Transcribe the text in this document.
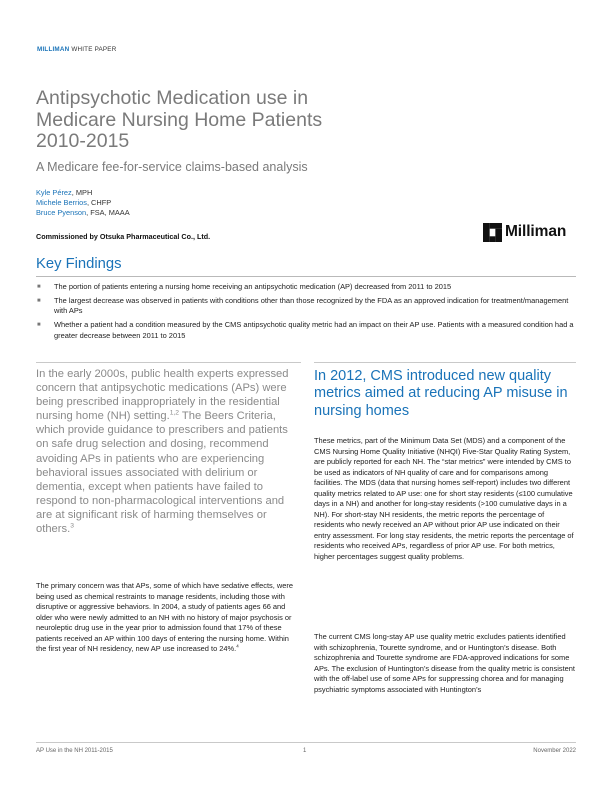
MILLIMAN WHITE PAPER
Antipsychotic Medication use in Medicare Nursing Home Patients 2010-2015
A Medicare fee-for-service claims-based analysis
Kyle Pérez, MPH
Michele Berrios, CHFP
Bruce Pyenson, FSA, MAAA
Commissioned by Otsuka Pharmaceutical Co., Ltd.	Milliman
Key Findings
■ The portion of patients entering a nursing home receiving an antipsychotic medication (AP) decreased from 2011 to 2015
■ The largest decrease was observed in patients with conditions other than those recognized by the FDA as an approved indication for treatment/management with APs
■ Whether a patient had a condition measured by the CMS antipsychotic quality metric had an impact on their AP use. Patients with a measured condition had a greater decrease between 2011 to 2015
In the early 2000s, public health experts expressed concern that antipsychotic medications (APs) were being prescribed inappropriately in the residential nursing home (NH) setting.$^{1,2}$ The Beers Criteria, which provide guidance to prescribers and patients on safe drug selection and dosing, recommend avoiding APs in patients who are experiencing behavioral issues associated with delirium or dementia, except when patients have failed to respond to non-pharmacological interventions and are at significant risk of harming themselves or others.$^3$
The primary concern was that APs, some of which have sedative effects, were being used as chemical restraints to manage residents, including those with disruptive or aggressive behaviors. In 2004, a study of patients ages 66 and older who were newly admitted to an NH with no history of major psychosis or neuroleptic drug use in the year prior to admission found that 17% of these patients received an AP within 100 days of entering the nursing home. Within the first year of NH residency, new AP use increased to 24%.$^4$
In 2012, CMS introduced new quality metrics aimed at reducing AP misuse in nursing homes
These metrics, part of the Minimum Data Set (MDS) and a component of the CMS Nursing Home Quality Initiative (NHQI) Five-Star Quality Rating System, are publicly reported for each NH. The “star metrics” were intended by CMS to be used as indicators of NH quality of care and for comparisons among facilities. The MDS (data that nursing homes self-report) includes two different quality metrics related to AP use: one for short stay residents (≤100 cumulative days in a NH) and another for long-stay residents (>100 cumulative days in a NH). For short-stay NH residents, the metric reports the percentage of residents who newly received an AP without prior AP use indicated on their entry assessment. For long stay residents, the metric reports the percentage of residents who received APs, regardless of prior AP use. For both metrics, higher percentages suggest quality problems.
The current CMS long-stay AP use quality metric excludes patients identified with schizophrenia, Tourette syndrome, and or Huntington’s disease. Both schizophrenia and Tourette syndrome are FDA-approved indications for some APs. The exclusion of Huntington’s disease from the quality metric is consistent with the off-label use of some APs for suppressing chorea and for managing psychiatric symptoms associated with Huntington’s
AP Use in the NH 2011-2015	1	November 2022
